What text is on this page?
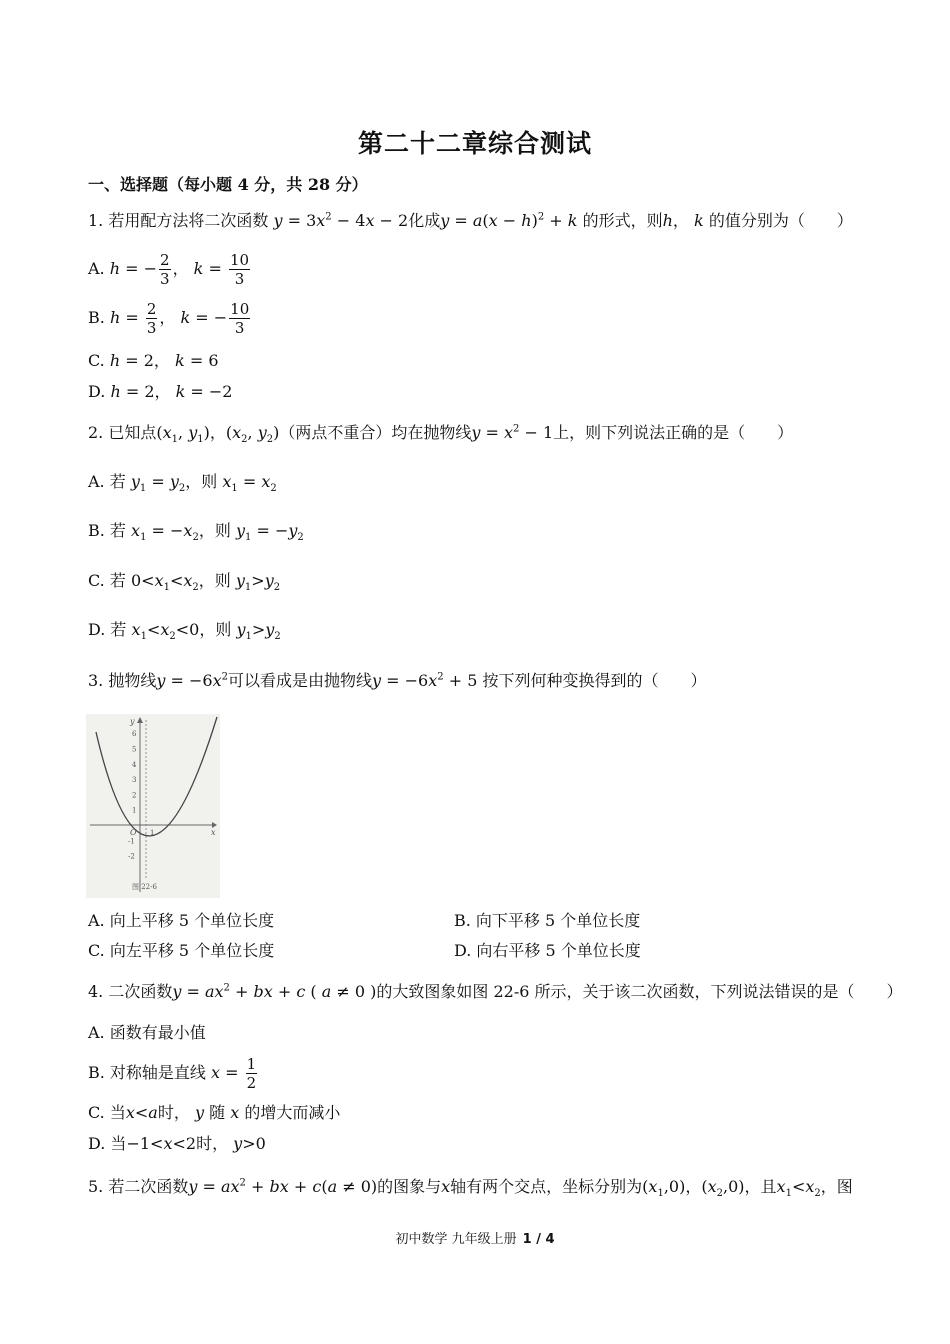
第二十二章综合测试
一、选择题（每小题 4 分，共 28 分）
1. 若用配方法将二次函数 $y = 3x^2 - 4x - 2$化成$y = a(x - h)^2 + k$ 的形式，则h， k 的值分别为（　　）
A. h = − $\frac{2}{3}$ ， $k = \frac{10}{3}$
B. $h = \frac{2}{3}$ ， k = − $\frac{10}{3}$
C. h = 2， k = 6
D. h = 2， k = −2
2. 已知点($x_1$, $y_1$)，($x_2$, $y_2$)（两点不重合）均在抛物线$y = x^2 - 1$上，则下列说法正确的是（　　）
A. 若 $y_1 = y_2$，则 $x_1 = x_2$
B. 若 $x_1 = -x_2$，则 $y_1 = -y_2$
C. 若 $0<x_1<x_2$，则 $y_1>y_2$
D. 若 $x_1<x_2<0$，则 $y_1>y_2$
3. 抛物线$y = -6x^2$可以看成是由抛物线$y = -6x^2 + 5$ 按下列何种变换得到的（　　）
y
x
O 1
6
5
4
3
2
1
-1
-2
图 22-6
A. 向上平移 5 个单位长度	B. 向下平移 5 个单位长度
C. 向左平移 5 个单位长度	D. 向右平移 5 个单位长度
4. 二次函数$y = ax^2$ + bx + c ( a ≠ 0 )的大致图象如图 22-6 所示，关于该二次函数，下列说法错误的是（　　）
A. 函数有最小值
B. 对称轴是直线 $x = \frac{1}{2}$
C. 当x<a时， y 随 x 的增大而减小
D. 当−1<x<2时， y>0
5. 若二次函数$y = ax^2$ + bx + c(a ≠ 0)的图象与x轴有两个交点，坐标分别为$(x_1,0)$，$(x_2,0)$，且$x_1<x_2$，图
初中数学 九年级上册 1 / 4
